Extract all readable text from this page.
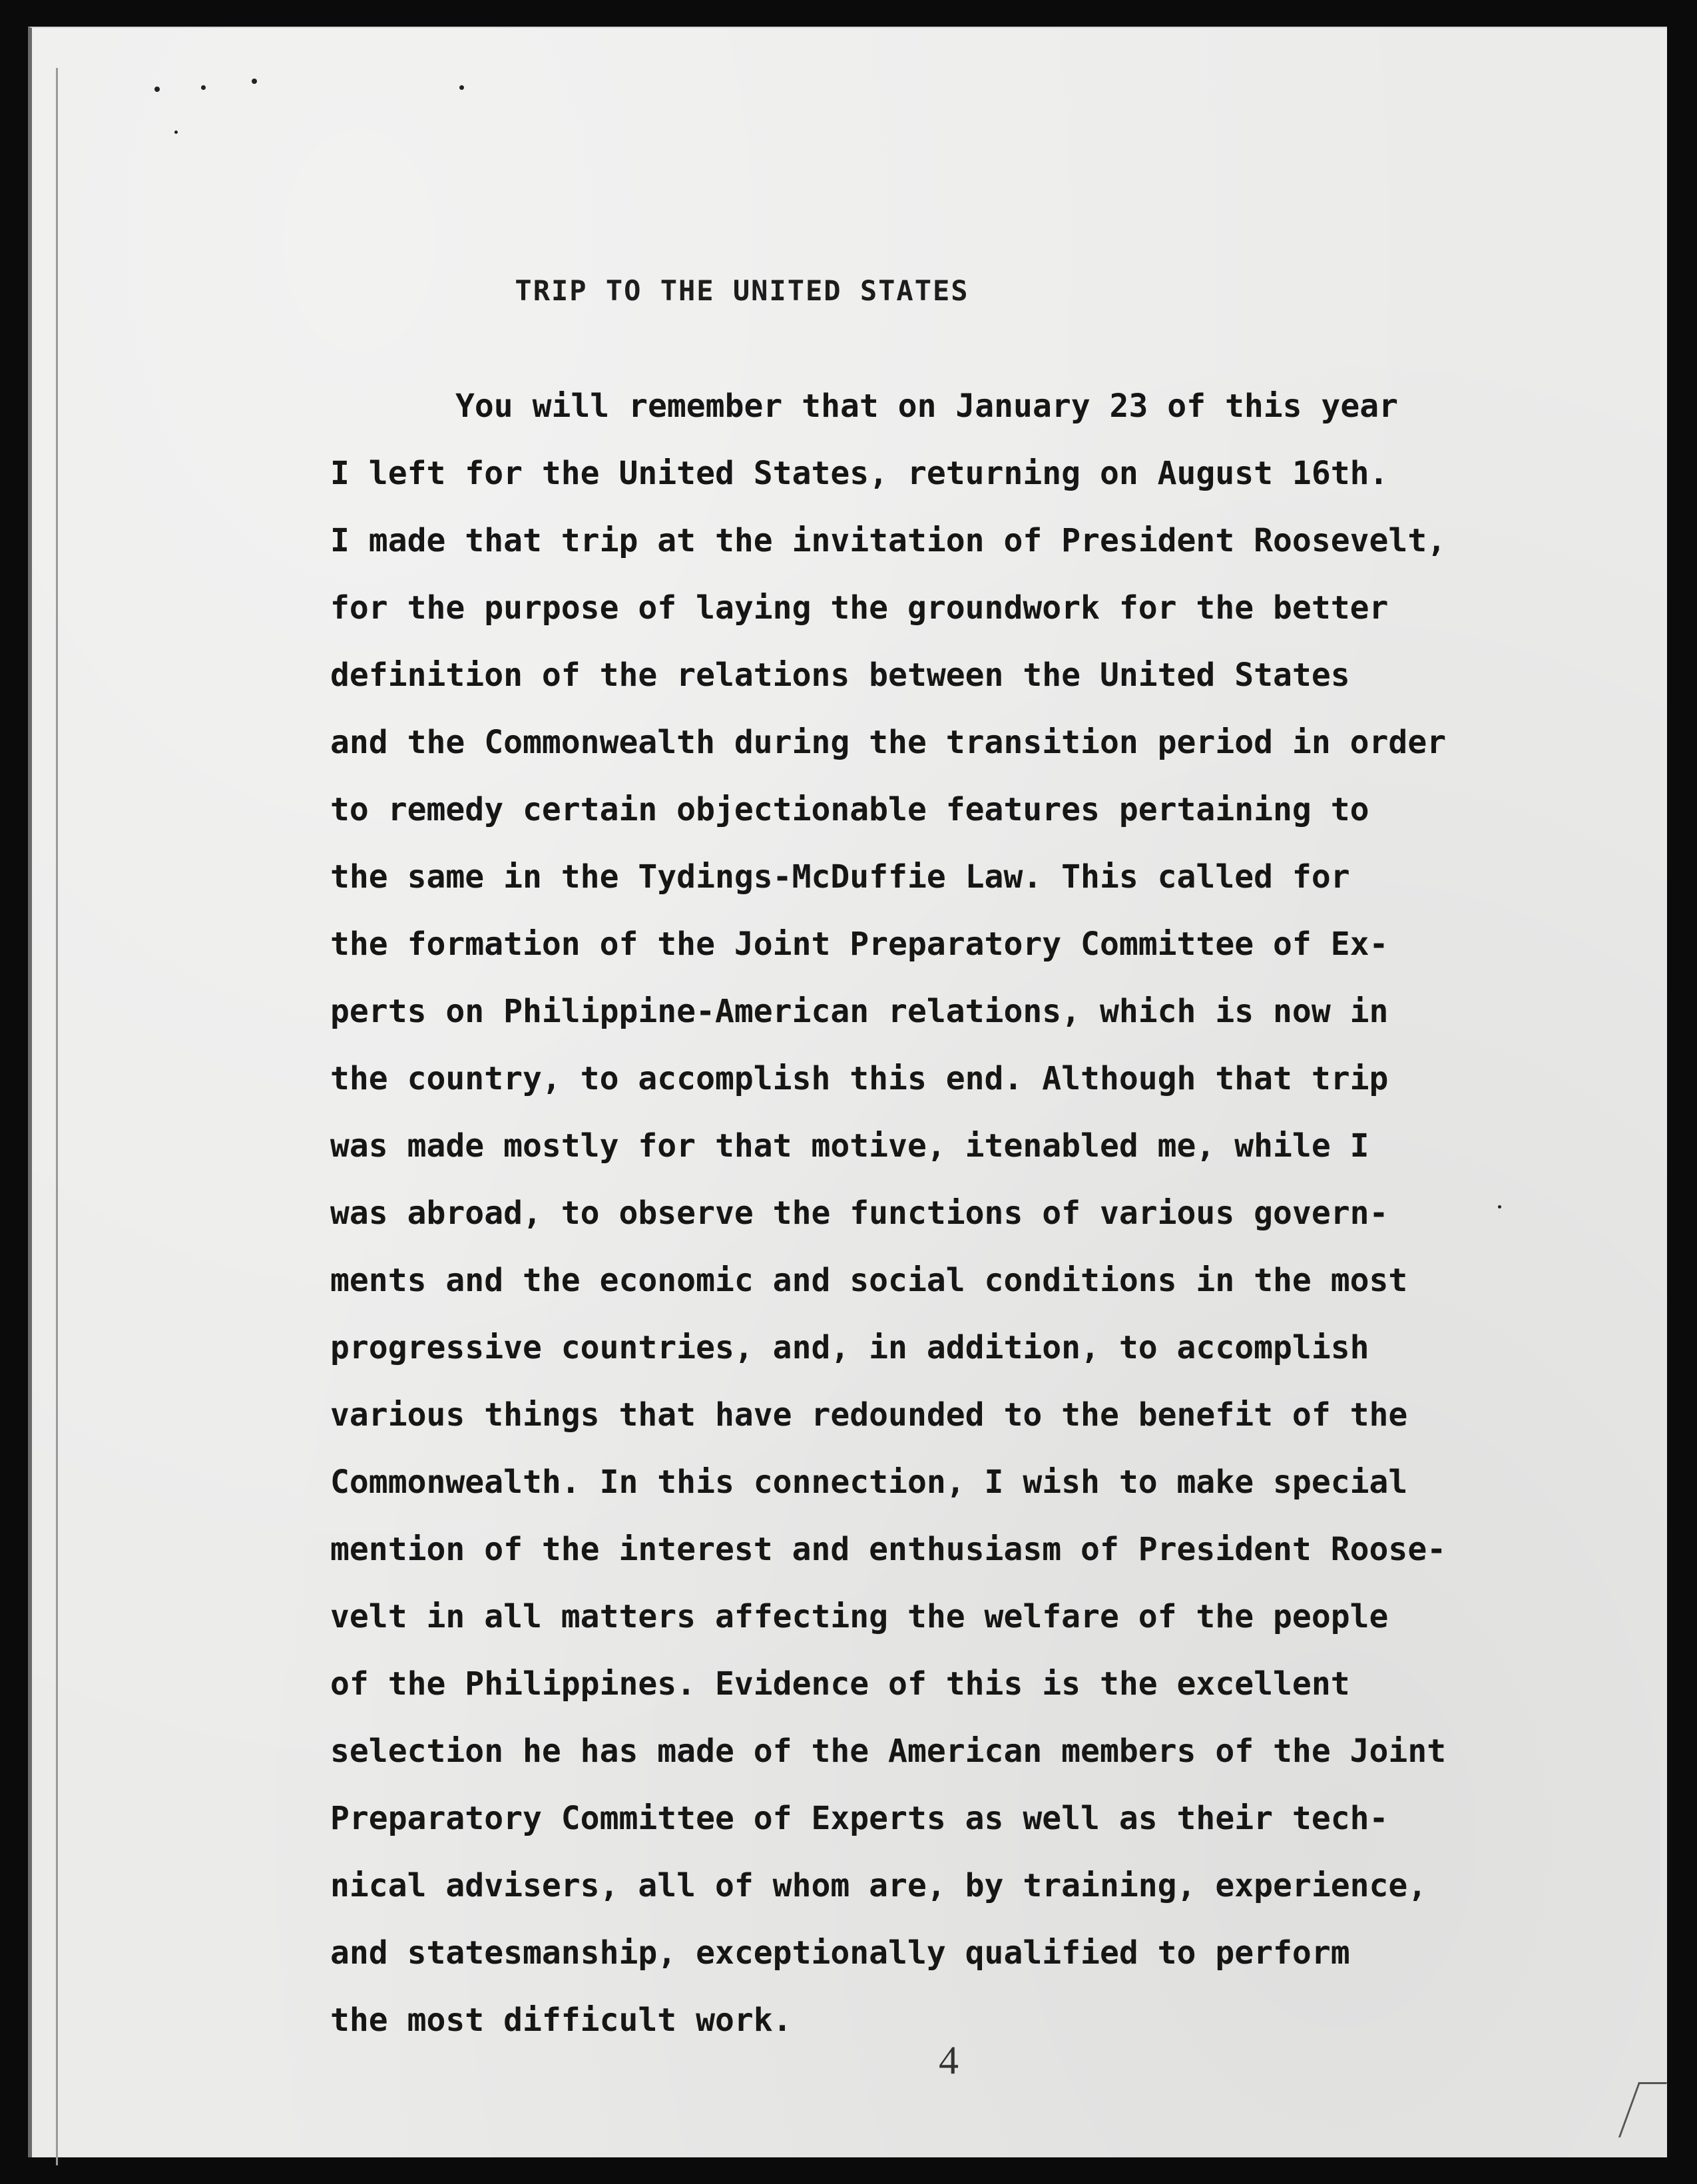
TRIP TO THE UNITED STATES
You will remember that on January 23 of this year
I left for the United States, returning on August 16th.
I made that trip at the invitation of President Roosevelt,
for the purpose of laying the groundwork for the better
definition of the relations between the United States
and the Commonwealth during the transition period in order
to remedy certain objectionable features pertaining to
the same in the Tydings-McDuffie Law. This called for
the formation of the Joint Preparatory Committee of Ex-
perts on Philippine-American relations, which is now in
the country, to accomplish this end. Although that trip
was made mostly for that motive, itenabled me, while I
was abroad, to observe the functions of various govern-
ments and the economic and social conditions in the most
progressive countries, and, in addition, to accomplish
various things that have redounded to the benefit of the
Commonwealth. In this connection, I wish to make special
mention of the interest and enthusiasm of President Roose-
velt in all matters affecting the welfare of the people
of the Philippines. Evidence of this is the excellent
selection he has made of the American members of the Joint
Preparatory Committee of Experts as well as their tech-
nical advisers, all of whom are, by training, experience,
and statesmanship, exceptionally qualified to perform
the most difficult work.
4
